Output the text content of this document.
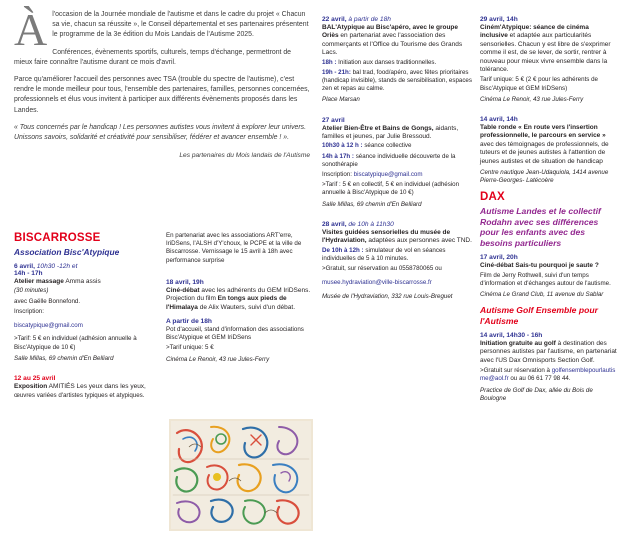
À l'occasion de la Journée mondiale de l'autisme et dans le cadre du projet « Chacun sa vie, chacun sa réussite », le Conseil départemental et ses partenaires présentent le programme de la 3e édition du Mois Landais de l'Autisme 2025.

Conférences, évènements sportifs, culturels, temps d'échange, permettront de mieux faire connaître l'autisme durant ce mois d'avril.

Parce qu'améliorer l'accueil des personnes avec TSA (trouble du spectre de l'autisme), c'est rendre le monde meilleur pour tous, l'ensemble des partenaires, familles, personnes concernées, professionnels et élus vous invitent à participer aux différents évènements proposés dans les Landes.

« Tous concernés par le handicap ! Les personnes autistes vous invitent à explorer leur univers. Unissons savoirs, solidarité et créativité pour sensibiliser, fédérer et avancer ensemble ! ».

Les partenaires du Mois landais de l'Autisme
BISCARROSSE
Association Bisc'Atypique
6 avril, 10h30 -12h et
14h - 17h
Atelier massage Amma assis

(30 minutes)

avec Gaëlle Bonnefond.

Inscription:

biscatypique@gmail.com

>Tarif: 5 € en individuel (adhésion annuelle à Bisc'Atypique de 10 €)

Salle Millas, 69 chemin d'En Belliard

12 au 25 avril
Exposition AMITIÉS Les yeux dans les yeux,

œuvres variées d'artistes typiques et atypiques.

En partenariat avec les associations ART'erre, IriDSens, l'ALSH d'Y'choux, le PCPE et la ville de Biscarrosse. Vernissage le 15 avril à 18h avec performance surprise

18 avril, 19h
Ciné-débat avec les adhérents du GEM IriDSens. Projection du film En tongs aux pieds de l'Himalaya de Alix Wauters, suivi d'un débat.
A partir de 18h

Pot d'accueil, stand d'information des associations Bisc'Atypique et GEM IriDSens

>Tarif unique: 5 €

Cinéma Le Renoir, 43 rue Jules-Ferry

22 avril, à partir de 18h
BAL'Atypique au Bisc'apéro, avec le groupe Oriès en partenariat avec l'association des commerçants et l'Office du Tourisme des Grands Lacs.

18h : Initiation aux danses traditionnelles.

19h - 21h: bal trad, food/apéro, avec fêtes prioritaires (handicap invisible), stands de sensibilisation, espaces zen et repas au calme.

Place Marsan

27 avril
Atelier Bien-Être et Bains de Gongs, aidants, familles et jeunes, par Julie Bressoud.

10h30 à 12 h : séance collective

14h à 17h : séance individuelle découverte de la sonothérapie

Inscription: biscatypique@gmail.com

>Tarif : 5 € en collectif, 5 € en individuel (adhésion annuelle à Bisc'Atypique de 10 €)

Salle Millas, 69 chemin d'En Belliard

28 avril, de 10h à 11h30
Visites guidées sensorielles du musée de l'Hydraviation, adaptées aux personnes avec TND.

De 10h à 12h : simulateur de vol en séances individuelles de 5 à 10 minutes.

>Gratuit, sur réservation au 0558780065 ou

musee.hydraviation@ville-biscarrosse.fr

Musée de l'Hydraviation, 332 rue Louis-Breguet

29 avril, 14h
Ciném'Atypique: séance de cinéma inclusive et adaptée aux particularités sensorielles. Chacun y est libre de s'exprimer comme il est, de se lever, de sortir, rentrer à nouveau pour mieux vivre ensemble dans la tolérance.

Tarif unique: 5 € (2 € pour les adhérents de Bisc'Atypique et GEM IriDSens)

Cinéma Le Renoir, 43 rue Jules-Ferry

14 avril, 14h
Table ronde « En route vers l'insertion professionnelle, le parcours en service » avec des témoignages de professionnels, de tuteurs et de jeunes autistes à l'attention de jeunes autistes et de situation de handicap

Centre nautique Jean-Udaquiola, 1414 avenue Pierre-Georges- Latécoère

DAX
Autisme Landes et le collectif Rodahn avec ses différences pour les enfants avec des besoins particuliers
17 avril, 20h
Ciné-débat Sais-tu pourquoi je saute ?

Film de Jerry Rothwell, suivi d'un temps d'information et d'échanges autour de l'autisme.

Cinéma Le Grand Club, 11 avenue du Sablar

Autisme Golf Ensemble pour l'Autisme
14 avril, 14h30 - 16h
Initiation gratuite au golf à destination des personnes autistes par l'autisme, en partenariat avec l'US Dax Omnisports Section Golf.

>Gratuit sur réservation à golfensemblepourlautisme@aol.fr ou au 06 61 77 98 44.

Practice de Golf de Dax, allée du Bois de Boulogne
